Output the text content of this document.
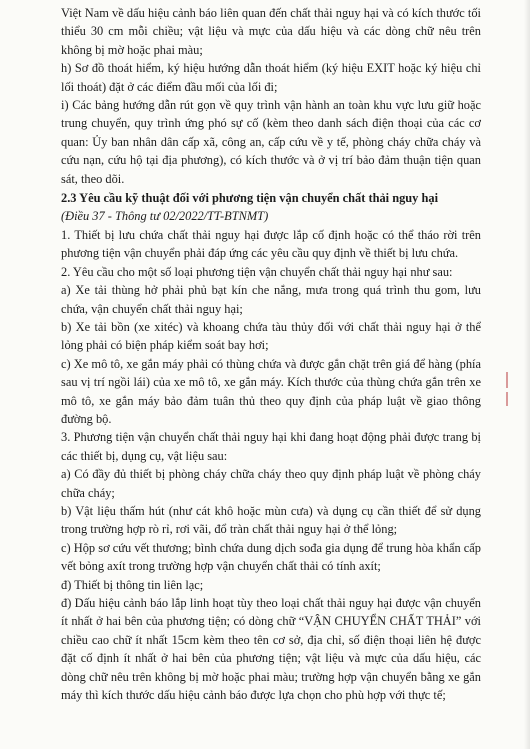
Việt Nam về dấu hiệu cảnh báo liên quan đến chất thải nguy hại và có kích thước tối thiểu 30 cm mỗi chiều; vật liệu và mực của dấu hiệu và các dòng chữ nêu trên không bị mờ hoặc phai màu;

h) Sơ đồ thoát hiểm, ký hiệu hướng dẫn thoát hiểm (ký hiệu EXIT hoặc ký hiệu chỉ lối thoát) đặt ở các điểm đầu mối của lối đi;

i) Các bảng hướng dẫn rút gọn về quy trình vận hành an toàn khu vực lưu giữ hoặc trung chuyển, quy trình ứng phó sự cố (kèm theo danh sách điện thoại của các cơ quan: Ủy ban nhân dân cấp xã, công an, cấp cứu về y tế, phòng cháy chữa cháy và cứu nạn, cứu hộ tại địa phương), có kích thước và ở vị trí bảo đảm thuận tiện quan sát, theo dõi.

2.3 Yêu cầu kỹ thuật đối với phương tiện vận chuyển chất thải nguy hại

(Điều 37 - Thông tư 02/2022/TT-BTNMT)

1. Thiết bị lưu chứa chất thải nguy hại được lắp cố định hoặc có thể tháo rời trên phương tiện vận chuyển phải đáp ứng các yêu cầu quy định về thiết bị lưu chứa.

2. Yêu cầu cho một số loại phương tiện vận chuyển chất thải nguy hại như sau:

a) Xe tải thùng hở phải phủ bạt kín che nắng, mưa trong quá trình thu gom, lưu chứa, vận chuyển chất thải nguy hại;

b) Xe tải bồn (xe xitéc) và khoang chứa tàu thủy đối với chất thải nguy hại ở thể lỏng phải có biện pháp kiểm soát bay hơi;

c) Xe mô tô, xe gắn máy phải có thùng chứa và được gắn chặt trên giá để hàng (phía sau vị trí ngồi lái) của xe mô tô, xe gắn máy. Kích thước của thùng chứa gắn trên xe mô tô, xe gắn máy bảo đảm tuân thủ theo quy định của pháp luật về giao thông đường bộ.

3. Phương tiện vận chuyển chất thải nguy hại khi đang hoạt động phải được trang bị các thiết bị, dụng cụ, vật liệu sau:

a) Có đầy đủ thiết bị phòng cháy chữa cháy theo quy định pháp luật về phòng cháy chữa cháy;

b) Vật liệu thấm hút (như cát khô hoặc mùn cưa) và dụng cụ cần thiết để sử dụng trong trường hợp rò rỉ, rơi vãi, đổ tràn chất thải nguy hại ở thể lỏng;

c) Hộp sơ cứu vết thương; bình chứa dung dịch sođa gia dụng để trung hòa khẩn cấp vết bỏng axít trong trường hợp vận chuyển chất thải có tính axít;

đ) Thiết bị thông tin liên lạc;

đ) Dấu hiệu cảnh báo lắp linh hoạt tùy theo loại chất thải nguy hại được vận chuyển ít nhất ở hai bên của phương tiện; có dòng chữ “VẬN CHUYỂN CHẤT THẢI” với chiều cao chữ ít nhất 15cm kèm theo tên cơ sở, địa chỉ, số điện thoại liên hệ được đặt cố định ít nhất ở hai bên của phương tiện; vật liệu và mực của dấu hiệu, các dòng chữ nêu trên không bị mờ hoặc phai màu; trường hợp vận chuyển bằng xe gắn máy thì kích thước dấu hiệu cảnh báo được lựa chọn cho phù hợp với thực tế;
